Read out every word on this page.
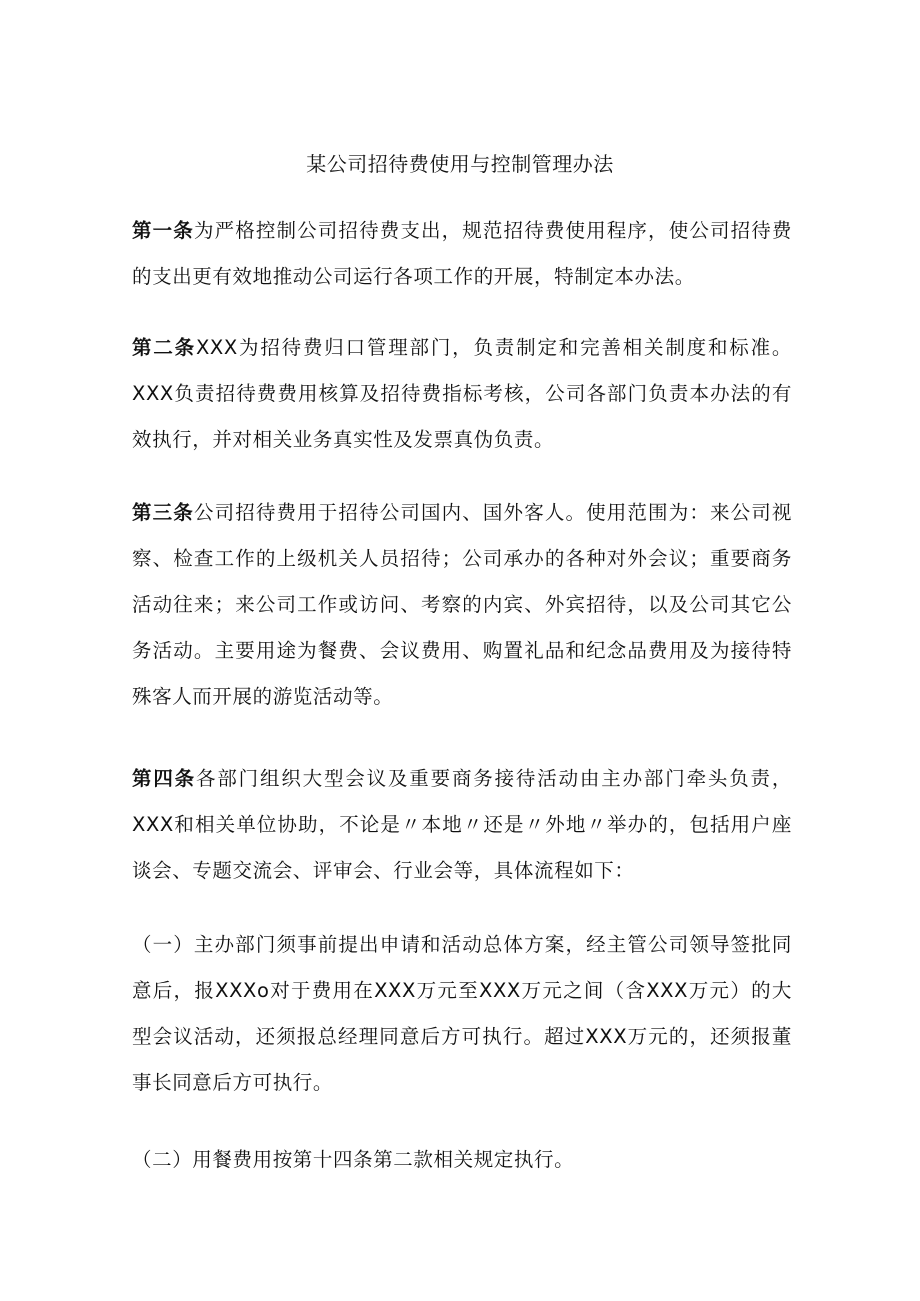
某公司招待费使用与控制管理办法

第一条为严格控制公司招待费支出，规范招待费使用程序，使公司招待费的支出更有效地推动公司运行各项工作的开展，特制定本办法。

第二条XXX为招待费归口管理部门，负责制定和完善相关制度和标准。XXX负责招待费费用核算及招待费指标考核，公司各部门负责本办法的有效执行，并对相关业务真实性及发票真伪负责。

第三条公司招待费用于招待公司国内、国外客人。使用范围为：来公司视察、检查工作的上级机关人员招待；公司承办的各种对外会议；重要商务活动往来；来公司工作或访问、考察的内宾、外宾招待，以及公司其它公务活动。主要用途为餐费、会议费用、购置礼品和纪念品费用及为接待特殊客人而开展的游览活动等。

第四条各部门组织大型会议及重要商务接待活动由主办部门牵头负责，XXX和相关单位协助，不论是〃本地〃还是〃外地〃举办的，包括用户座谈会、专题交流会、评审会、行业会等，具体流程如下：

（一）主办部门须事前提出申请和活动总体方案，经主管公司领导签批同意后，报XXXo对于费用在XXX万元至XXX万元之间（含XXX万元）的大型会议活动，还须报总经理同意后方可执行。超过XXX万元的，还须报董事长同意后方可执行。

（二）用餐费用按第十四条第二款相关规定执行。
